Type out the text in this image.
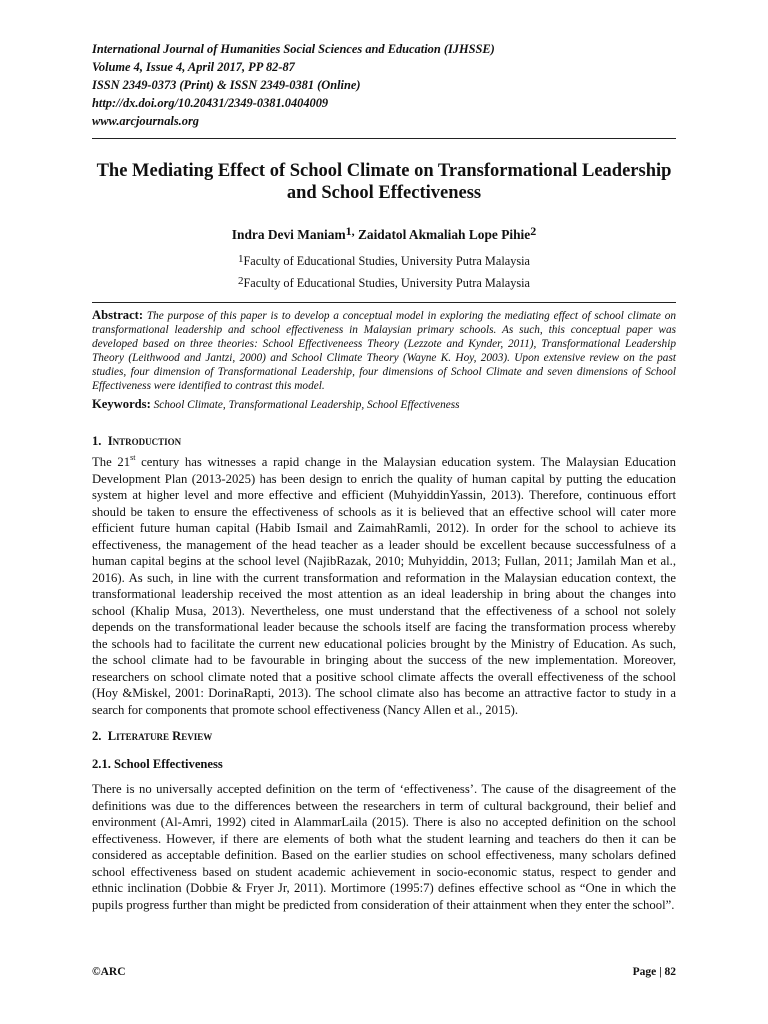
International Journal of Humanities Social Sciences and Education (IJHSSE)
Volume 4, Issue 4, April 2017, PP 82-87
ISSN 2349-0373 (Print) & ISSN 2349-0381 (Online)
http://dx.doi.org/10.20431/2349-0381.0404009
www.arcjournals.org
The Mediating Effect of School Climate on Transformational Leadership and School Effectiveness
Indra Devi Maniam$^{1,}$ Zaidatol Akmaliah Lope Pihie$^2$
$^1$Faculty of Educational Studies, University Putra Malaysia
$^2$Faculty of Educational Studies, University Putra Malaysia
Abstract: The purpose of this paper is to develop a conceptual model in exploring the mediating effect of school climate on transformational leadership and school effectiveness in Malaysian primary schools. As such, this conceptual paper was developed based on three theories: School Effectiveneess Theory (Lezzote and Kynder, 2011), Transformational Leadership Theory (Leithwood and Jantzi, 2000) and School Climate Theory (Wayne K. Hoy, 2003). Upon extensive review on the past studies, four dimension of Transformational Leadership, four dimensions of School Climate and seven dimensions of School Effectiveness were identified to contrast this model.
Keywords: School Climate, Transformational Leadership, School Effectiveness
1. Introduction

The 21st century has witnesses a rapid change in the Malaysian education system. The Malaysian Education Development Plan (2013-2025) has been design to enrich the quality of human capital by putting the education system at higher level and more effective and efficient (MuhyiddinYassin, 2013). Therefore, continuous effort should be taken to ensure the effectiveness of schools as it is believed that an effective school will cater more efficient future human capital (Habib Ismail and ZaimahRamli, 2012). In order for the school to achieve its effectiveness, the management of the head teacher as a leader should be excellent because successfulness of a human capital begins at the school level (NajibRazak, 2010; Muhyiddin, 2013; Fullan, 2011; Jamilah Man et al., 2016). As such, in line with the current transformation and reformation in the Malaysian education context, the transformational leadership received the most attention as an ideal leadership in bring about the changes into school (Khalip Musa, 2013). Nevertheless, one must understand that the effectiveness of a school not solely depends on the transformational leader because the schools itself are facing the transformation process whereby the schools had to facilitate the current new educational policies brought by the Ministry of Education. As such, the school climate had to be favourable in bringing about the success of the new implementation. Moreover, researchers on school climate noted that a positive school climate affects the overall effectiveness of the school (Hoy &Miskel, 2001: DorinaRapti, 2013). The school climate also has become an attractive factor to study in a search for components that promote school effectiveness (Nancy Allen et al., 2015).

2. Literature Review
2.1. School Effectiveness

There is no universally accepted definition on the term of ‘effectiveness’. The cause of the disagreement of the definitions was due to the differences between the researchers in term of cultural background, their belief and environment (Al-Amri, 1992) cited in AlammarLaila (2015). There is also no accepted definition on the school effectiveness. However, if there are elements of both what the student learning and teachers do then it can be considered as acceptable definition. Based on the earlier studies on school effectiveness, many scholars defined school effectiveness based on student academic achievement in socio-economic status, respect to gender and ethnic inclination (Dobbie & Fryer Jr, 2011). Mortimore (1995:7) defines effective school as “One in which the pupils progress further than might be predicted from consideration of their attainment when they enter the school”.

©ARC	Page | 82
